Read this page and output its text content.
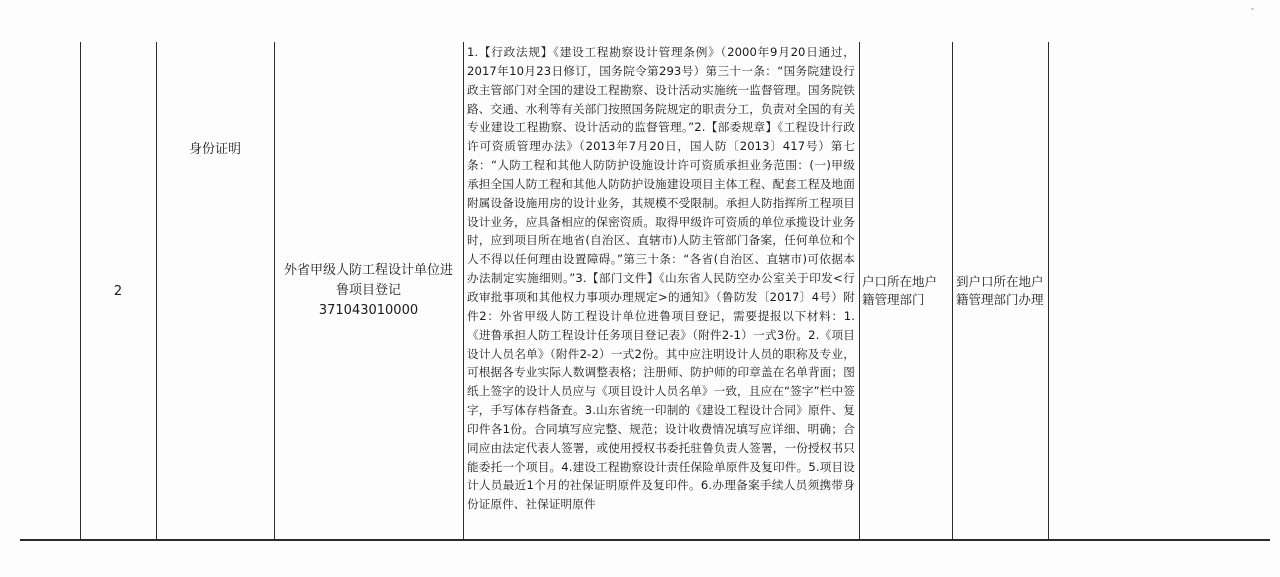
2
身份证明
外省甲级人防工程设计单位进鲁项目登记
371043010000

1.【行政法规】《建设工程勘察设计管理条例》（2000年9月20日通过，2017年10月23日修订，国务院令第293号）第三十一条：“国务院建设行政主管部门对全国的建设工程勘察、设计活动实施统一监督管理。国务院铁路、交通、水利等有关部门按照国务院规定的职责分工，负责对全国的有关专业建设工程勘察、设计活动的监督管理。”2.【部委规章】《工程设计行政许可资质管理办法》（2013年7月20日，国人防〔2013〕417号）第七条：“人防工程和其他人防防护设施设计许可资质承担业务范围：(一)甲级承担全国人防工程和其他人防防护设施建设项目主体工程、配套工程及地面附属设备设施用房的设计业务，其规模不受限制。承担人防指挥所工程项目设计业务，应具备相应的保密资质。取得甲级许可资质的单位承揽设计业务时，应到项目所在地省(自治区、直辖市)人防主管部门备案，任何单位和个人不得以任何理由设置障碍。”第三十条：“各省(自治区、直辖市)可依据本办法制定实施细则。”3.【部门文件】《山东省人民防空办公室关于印发<行政审批事项和其他权力事项办理规定>的通知》（鲁防发〔2017〕4号）附件2：外省甲级人防工程设计单位进鲁项目登记，需要提报以下材料：1.《进鲁承担人防工程设计任务项目登记表》（附件2-1）一式3份。2.《项目设计人员名单》（附件2-2）一式2份。其中应注明设计人员的职称及专业，可根据各专业实际人数调整表格；注册师、防护师的印章盖在名单背面；图纸上签字的设计人员应与《项目设计人员名单》一致，且应在“签字”栏中签字，手写体存档备查。3.山东省统一印制的《建设工程设计合同》原件、复印件各1份。合同填写应完整、规范；设计收费情况填写应详细、明确；合同应由法定代表人签署，或使用授权书委托驻鲁负责人签署，一份授权书只能委托一个项目。4.建设工程勘察设计责任保险单原件及复印件。5.项目设计人员最近1个月的社保证明原件及复印件。6.办理备案手续人员须携带身份证原件、社保证明原件

户口所在地户籍管理部门
到户口所在地户籍管理部门办理
